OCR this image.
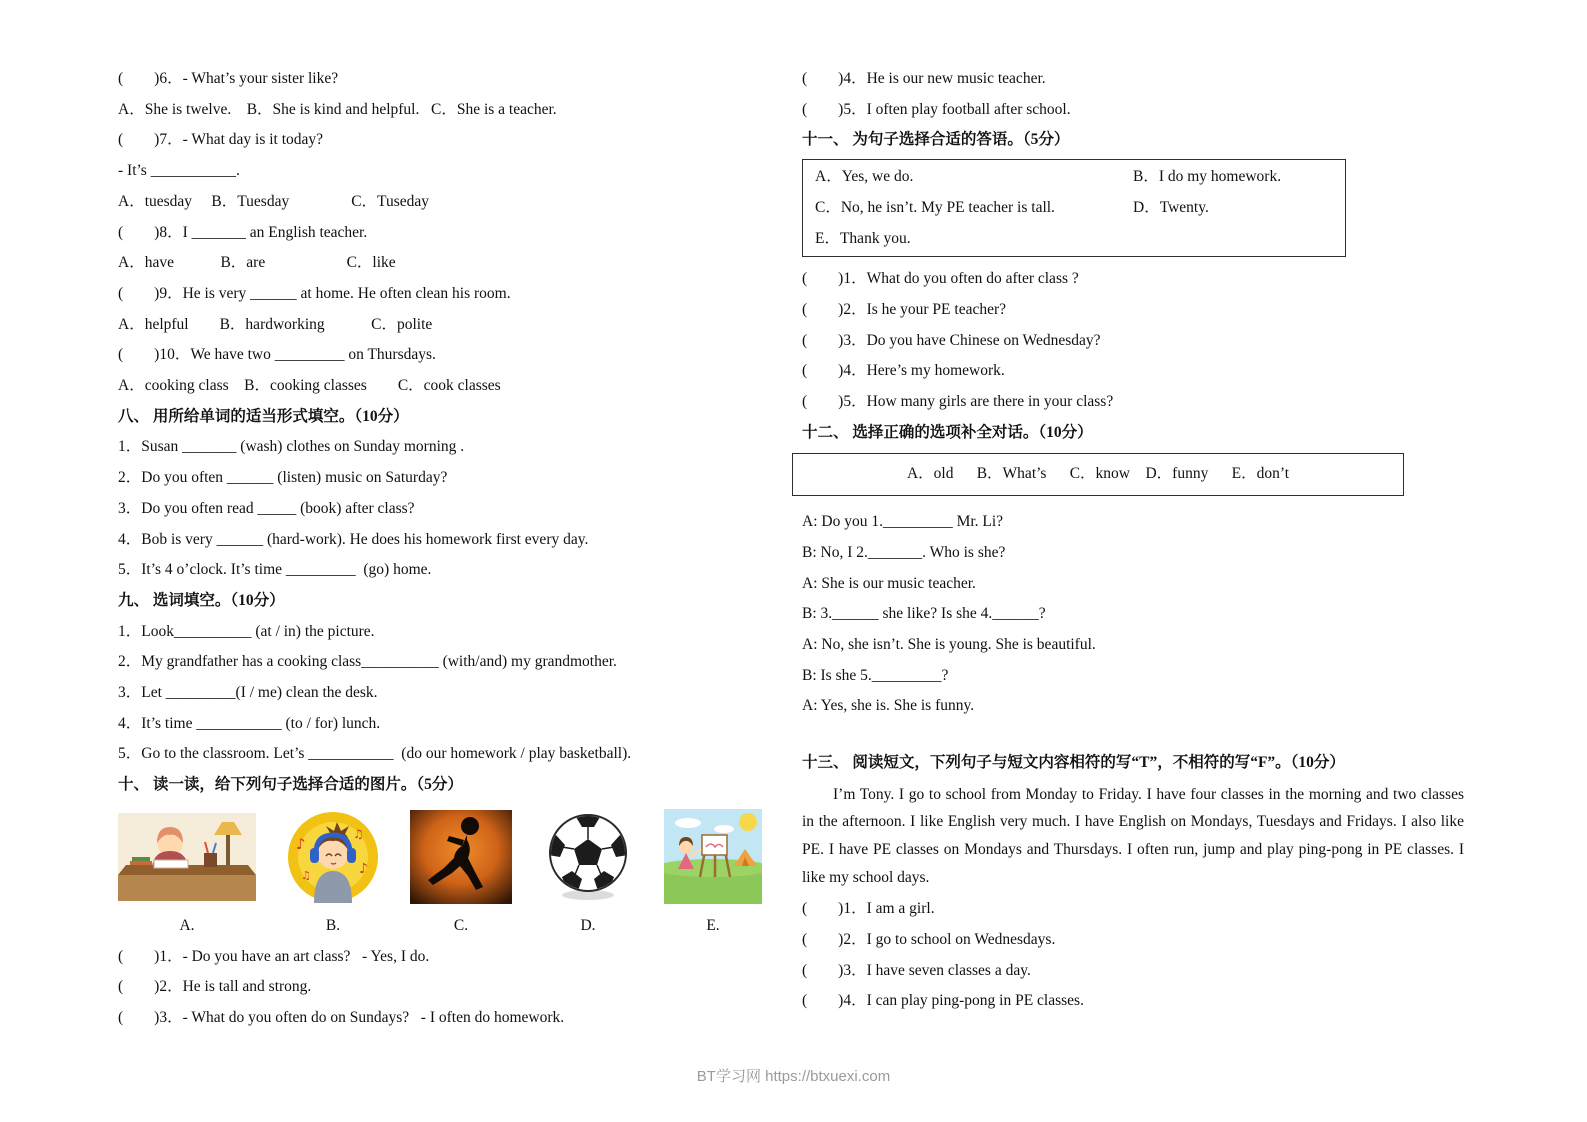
(        )6．- What’s your sister like?

A．She is twelve.    B．She is kind and helpful.   C．She is a teacher.

(        )7．- What day is it today?

- It’s ___________.

A．tuesday     B．Tuesday                C．Tuseday

(        )8．I _______ an English teacher.

A．have            B．are                     C．like

(        )9．He is very ______ at home. He often clean his room.

A．helpful        B．hardworking            C．polite

(        )10．We have two _________ on Thursdays.

A．cooking class    B．cooking classes        C．cook classes

八、 用所给单词的适当形式填空。（10分）

1．Susan _______ (wash) clothes on Sunday morning .

2．Do you often ______ (listen) music on Saturday?

3．Do you often read _____ (book) after class?

4．Bob is very ______ (hard-work). He does his homework first every day.

5．It’s 4 o’clock. It’s time _________  (go) home.

九、 选词填空。（10分）

1．Look__________ (at / in) the picture.

2．My grandfather has a cooking class__________ (with/and) my grandmother.

3．Let _________(I / me) clean the desk.

4．It’s time ___________ (to / for) lunch.

5．Go to the classroom. Let’s ___________  (do our homework / play basketball).

十、 读一读，给下列句子选择合适的图片。（5分）

♪
♫
♪
♫
A.	B.	C.	D.	E.

(        )1．- Do you have an art class?   - Yes, I do.

(        )2．He is tall and strong.

(        )3．- What do you often do on Sundays?   - I often do homework.

(        )4．He is our new music teacher.

(        )5．I often play football after school.

十一、 为句子选择合适的答语。（5分）

A．Yes, we do.	B．I do my homework.
C．No, he isn’t. My PE teacher is tall.	D．Twenty.
E．Thank you.

(        )1．What do you often do after class ?

(        )2．Is he your PE teacher?

(        )3．Do you have Chinese on Wednesday?

(        )4．Here’s my homework.

(        )5．How many girls are there in your class?

十二、 选择正确的选项补全对话。（10分）

A．old      B．What’s      C．know    D．funny      E．don’t

A: Do you 1._________ Mr. Li?

B: No, I 2._______. Who is she?

A: She is our music teacher.

B: 3.______ she like? Is she 4.______?

A: No, she isn’t. She is young. She is beautiful.

B: Is she 5._________?

A: Yes, she is. She is funny.

十三、 阅读短文，下列句子与短文内容相符的写“T”，不相符的写“F”。（10分）

I’m Tony. I go to school from Monday to Friday. I have four classes in the morning and two classes in the afternoon. I like English very much. I have English on Mondays, Tuesdays and Fridays. I also like PE. I have PE classes on Mondays and Thursdays. I often run, jump and play ping-pong in PE classes. I like my school days.

(        )1．I am a girl.

(        )2．I go to school on Wednesdays.

(        )3．I have seven classes a day.

(        )4．I can play ping-pong in PE classes.

BT学习网 https://btxuexi.com
